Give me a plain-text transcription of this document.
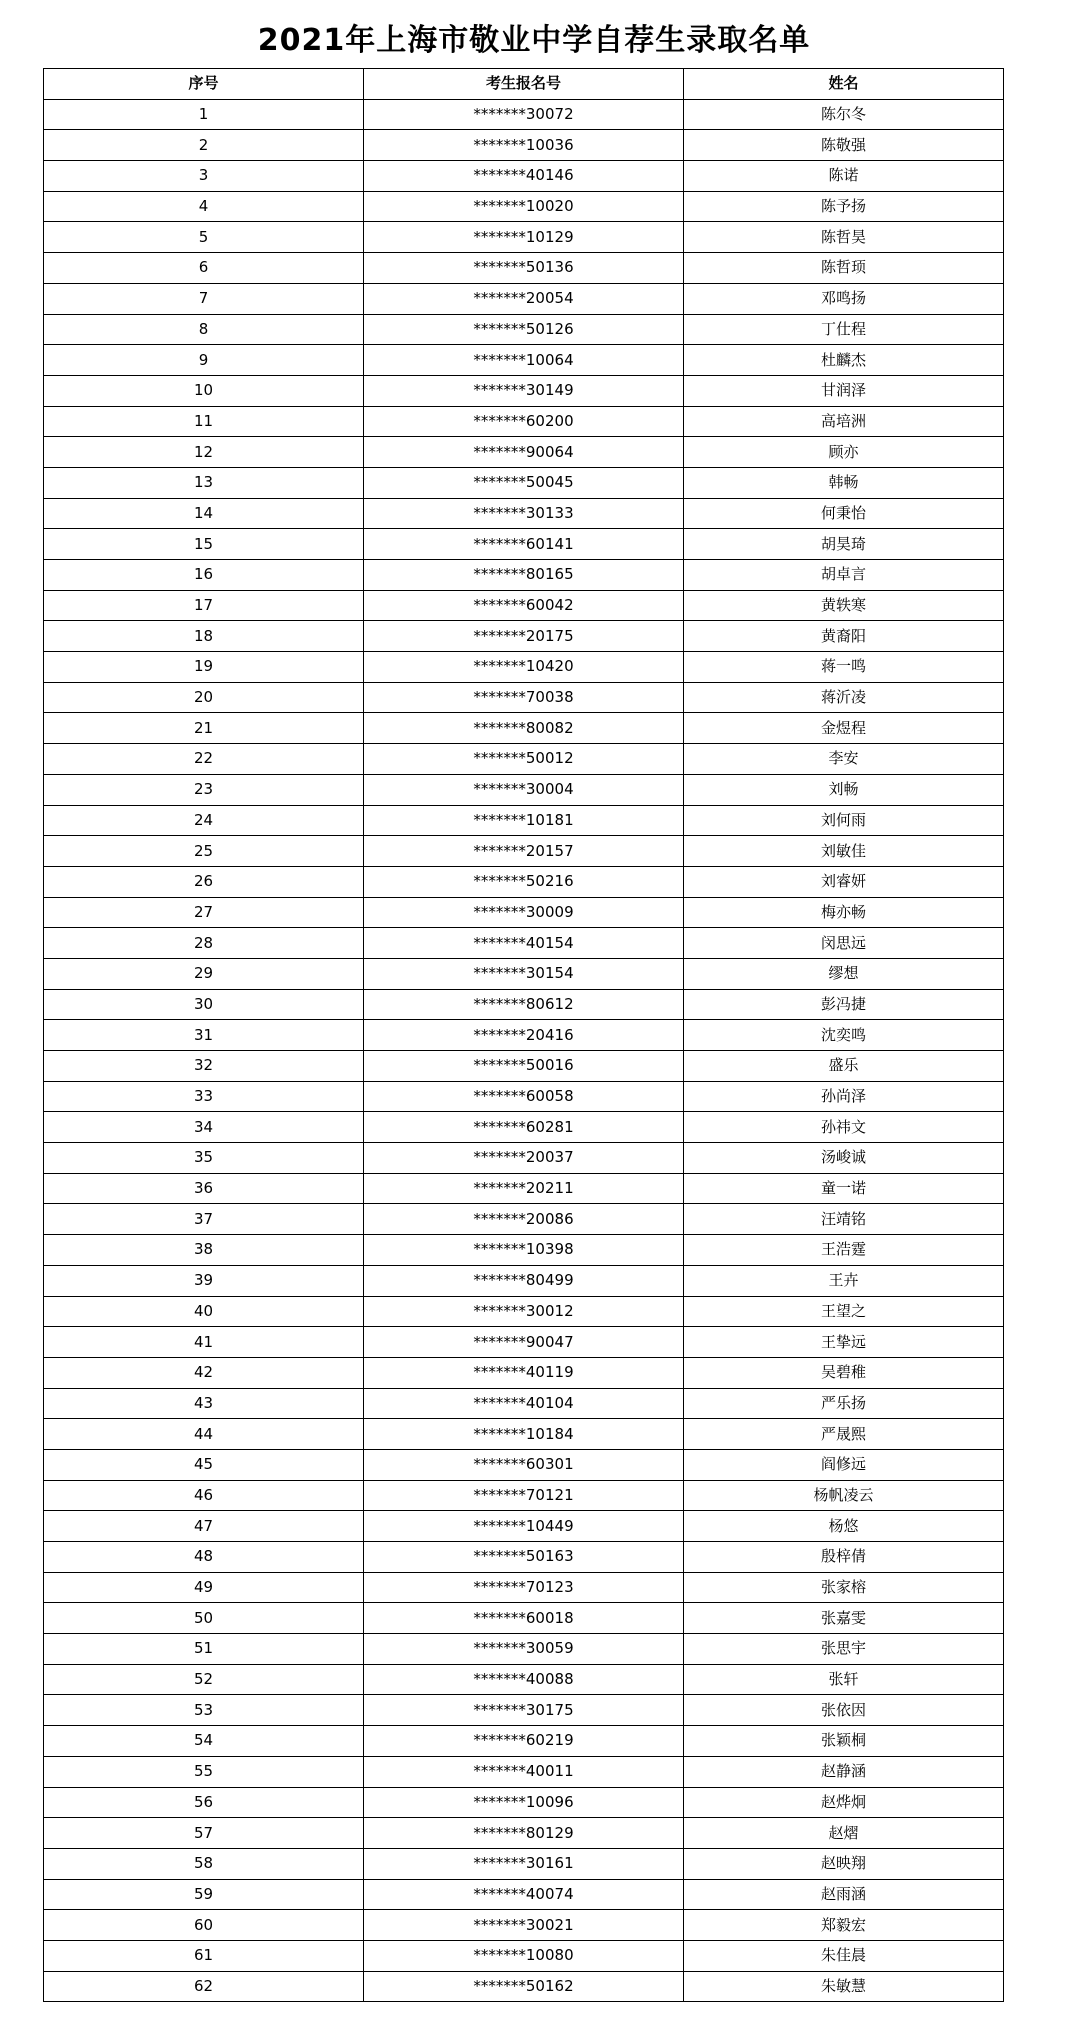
2021年上海市敬业中学自荐生录取名单
序号	考生报名号	姓名
1	*******30072	陈尔冬
2	*******10036	陈敬强
3	*******40146	陈诺
4	*******10020	陈予扬
5	*******10129	陈哲昊
6	*******50136	陈哲顼
7	*******20054	邓鸣扬
8	*******50126	丁仕程
9	*******10064	杜麟杰
10	*******30149	甘润泽
11	*******60200	高培洲
12	*******90064	顾亦
13	*******50045	韩畅
14	*******30133	何秉怡
15	*******60141	胡昊琦
16	*******80165	胡卓言
17	*******60042	黄轶寒
18	*******20175	黄裔阳
19	*******10420	蒋一鸣
20	*******70038	蒋沂凌
21	*******80082	金煜程
22	*******50012	李安
23	*******30004	刘畅
24	*******10181	刘何雨
25	*******20157	刘敏佳
26	*******50216	刘睿妍
27	*******30009	梅亦畅
28	*******40154	闵思远
29	*******30154	缪想
30	*******80612	彭冯捷
31	*******20416	沈奕鸣
32	*******50016	盛乐
33	*******60058	孙尚泽
34	*******60281	孙祎文
35	*******20037	汤峻诚
36	*******20211	童一诺
37	*******20086	汪靖铭
38	*******10398	王浩霆
39	*******80499	王卉
40	*******30012	王望之
41	*******90047	王挚远
42	*******40119	吴碧稚
43	*******40104	严乐扬
44	*******10184	严晟熙
45	*******60301	阎修远
46	*******70121	杨帆凌云
47	*******10449	杨悠
48	*******50163	殷梓倩
49	*******70123	张家榕
50	*******60018	张嘉雯
51	*******30059	张思宇
52	*******40088	张轩
53	*******30175	张依因
54	*******60219	张颖桐
55	*******40011	赵静涵
56	*******10096	赵烨炯
57	*******80129	赵熠
58	*******30161	赵映翔
59	*******40074	赵雨涵
60	*******30021	郑毅宏
61	*******10080	朱佳晨
62	*******50162	朱敏慧
